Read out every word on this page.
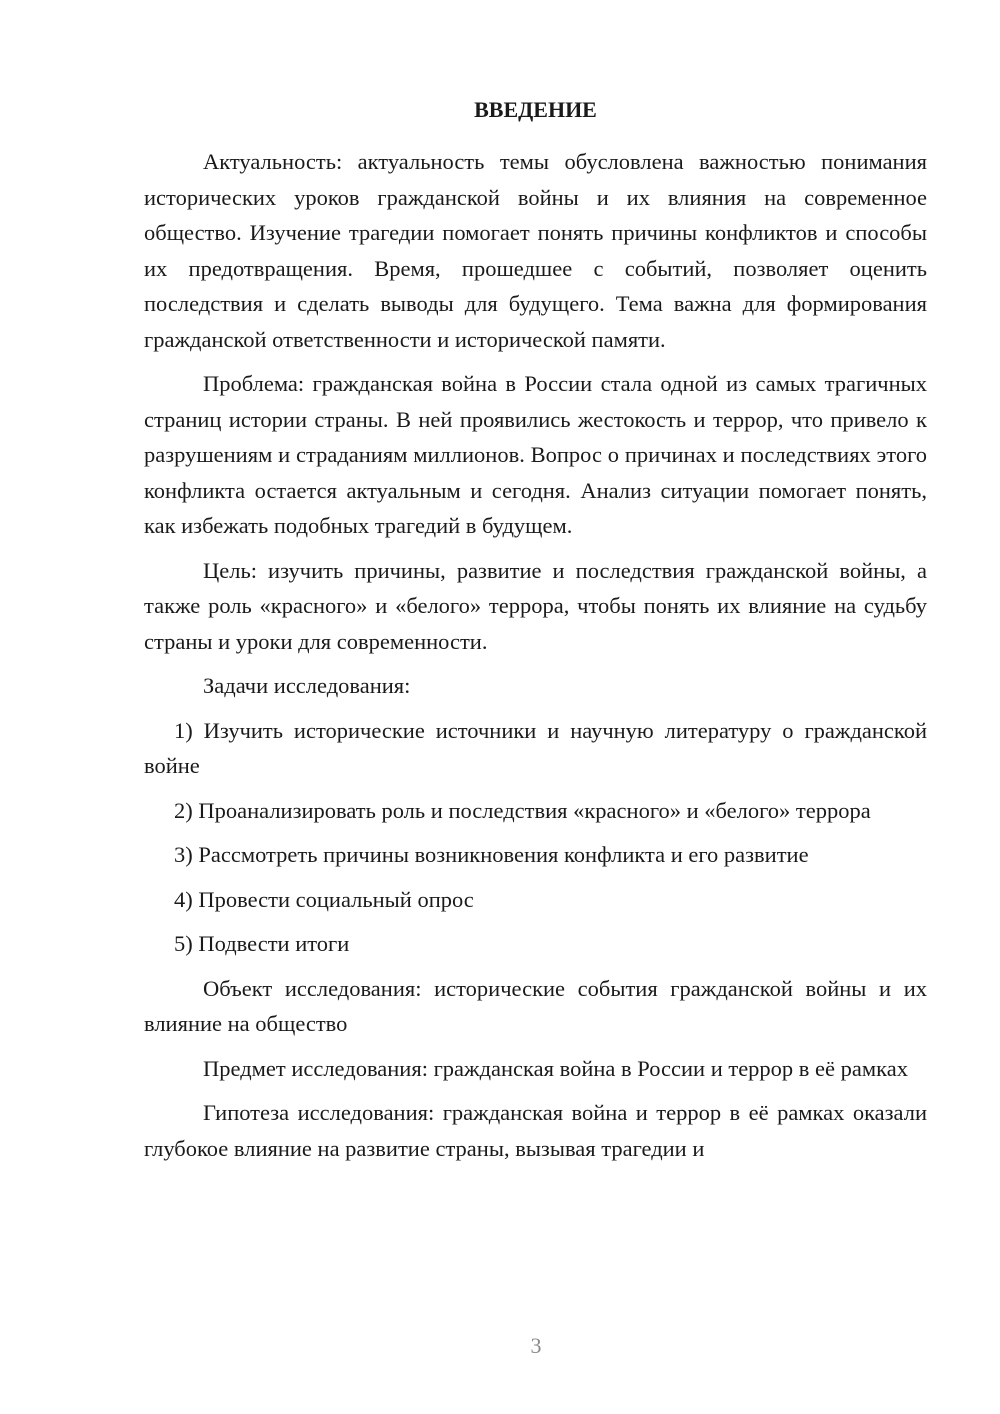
ВВЕДЕНИЕ

Актуальность: актуальность темы обусловлена важностью понимания исторических уроков гражданской войны и их влияния на современное общество. Изучение трагедии помогает понять причины конфликтов и способы их предотвращения. Время, прошедшее с событий, позволяет оценить последствия и сделать выводы для будущего. Тема важна для формирования гражданской ответственности и исторической памяти.

Проблема: гражданская война в России стала одной из самых трагичных страниц истории страны. В ней проявились жестокость и террор, что привело к разрушениям и страданиям миллионов. Вопрос о причинах и последствиях этого конфликта остается актуальным и сегодня. Анализ ситуации помогает понять, как избежать подобных трагедий в будущем.

Цель: изучить причины, развитие и последствия гражданской войны, а также роль «красного» и «белого» террора, чтобы понять их влияние на судьбу страны и уроки для современности.

Задачи исследования:

1) Изучить исторические источники и научную литературу о гражданской войне

2) Проанализировать роль и последствия «красного» и «белого» террора

3) Рассмотреть причины возникновения конфликта и его развитие

4) Провести социальный опрос

5) Подвести итоги

Объект исследования: исторические события гражданской войны и их влияние на общество

Предмет исследования: гражданская война в России и террор в её рамках

Гипотеза исследования: гражданская война и террор в её рамках оказали глубокое влияние на развитие страны, вызывая трагедии и

3
